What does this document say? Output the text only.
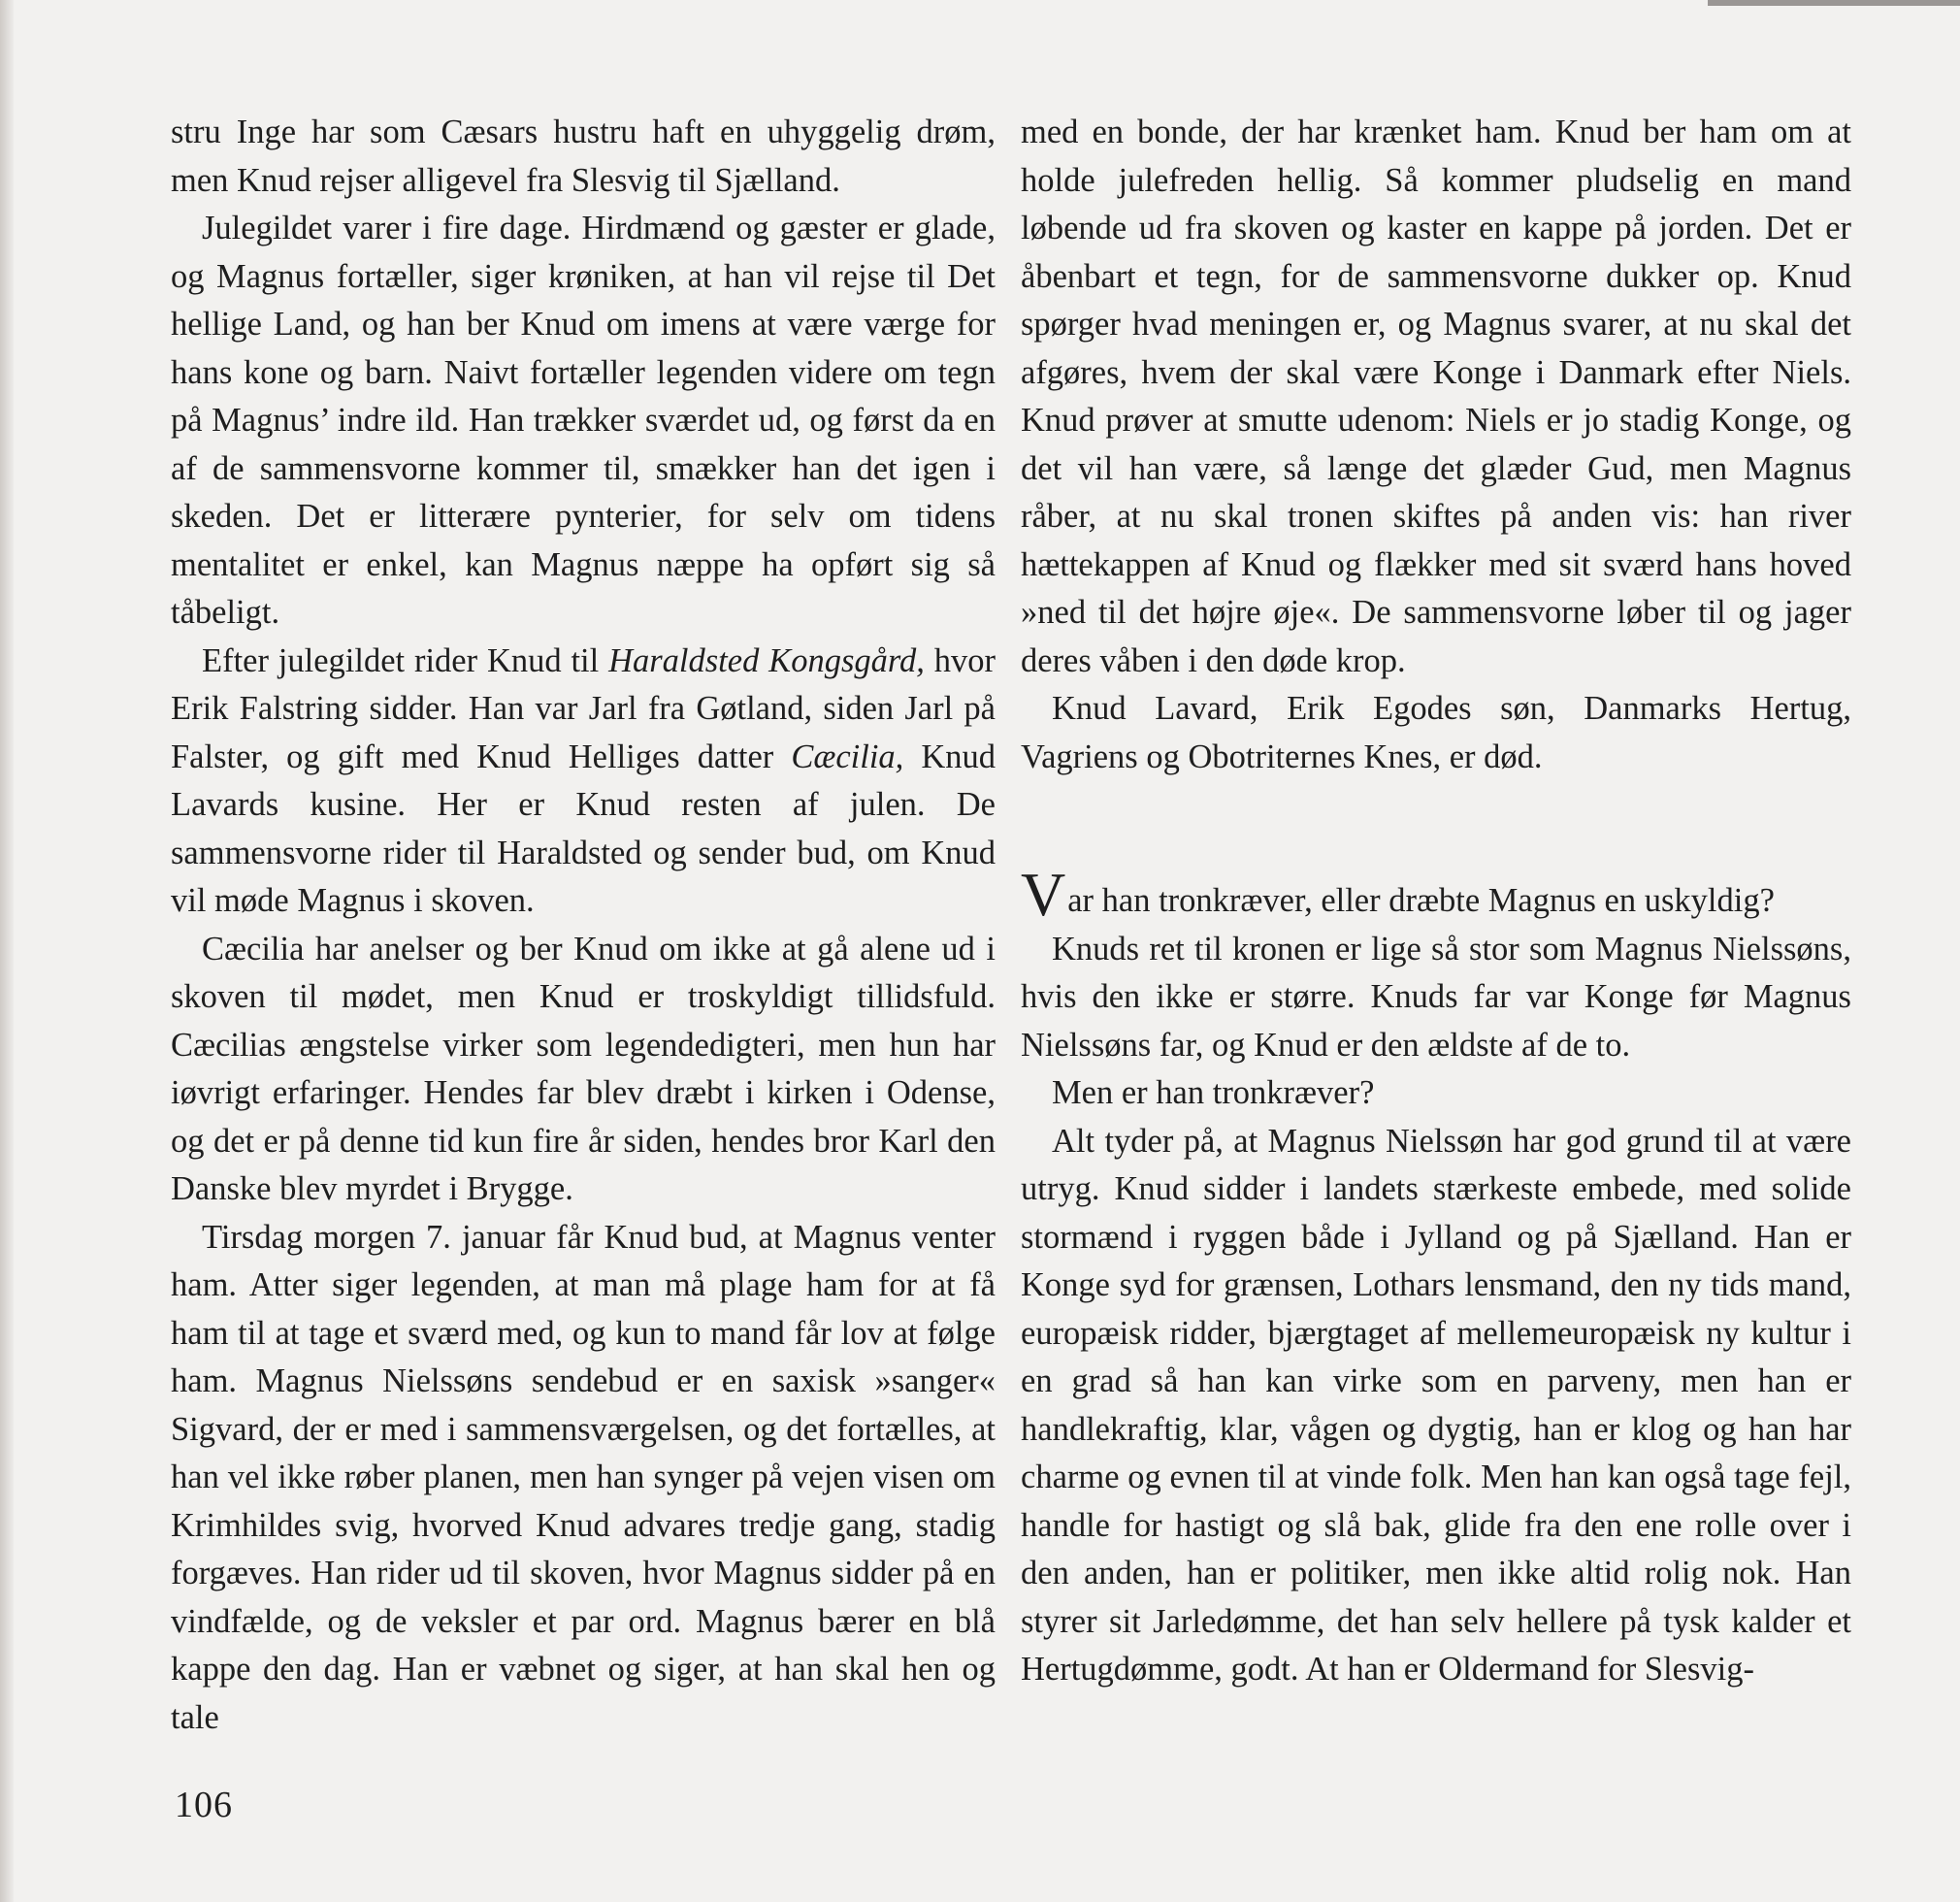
stru Inge har som Cæsars hustru haft en uhyggelig drøm, men Knud rejser alligevel fra Slesvig til Sjælland.

Julegildet varer i fire dage. Hirdmænd og gæster er glade, og Magnus fortæller, siger krøniken, at han vil rejse til Det hellige Land, og han ber Knud om imens at være værge for hans kone og barn. Naivt fortæller legenden videre om tegn på Magnus’ indre ild. Han trækker sværdet ud, og først da en af de sammensvorne kommer til, smækker han det igen i skeden. Det er litterære pynterier, for selv om tidens mentalitet er enkel, kan Magnus næppe ha opført sig så tåbeligt.

Efter julegildet rider Knud til Haraldsted Kongsgård, hvor Erik Falstring sidder. Han var Jarl fra Gøtland, siden Jarl på Falster, og gift med Knud Helliges datter Cæcilia, Knud Lavards kusine. Her er Knud resten af julen. De sammensvorne rider til Haraldsted og sender bud, om Knud vil møde Magnus i skoven.

Cæcilia har anelser og ber Knud om ikke at gå alene ud i skoven til mødet, men Knud er troskyldigt tillidsfuld. Cæcilias ængstelse virker som legendedigteri, men hun har iøvrigt erfaringer. Hendes far blev dræbt i kirken i Odense, og det er på denne tid kun fire år siden, hendes bror Karl den Danske blev myrdet i Brygge.

Tirsdag morgen 7. januar får Knud bud, at Magnus venter ham. Atter siger legenden, at man må plage ham for at få ham til at tage et sværd med, og kun to mand får lov at følge ham. Magnus Nielssøns sendebud er en saxisk »sanger« Sigvard, der er med i sammensværgelsen, og det fortælles, at han vel ikke røber planen, men han synger på vejen visen om Krimhildes svig, hvorved Knud advares tredje gang, stadig forgæves. Han rider ud til skoven, hvor Magnus sidder på en vindfælde, og de veksler et par ord. Magnus bærer en blå kappe den dag. Han er væbnet og siger, at han skal hen og tale

med en bonde, der har krænket ham. Knud ber ham om at holde julefreden hellig. Så kommer pludselig en mand løbende ud fra skoven og kaster en kappe på jorden. Det er åbenbart et tegn, for de sammensvorne dukker op. Knud spørger hvad meningen er, og Magnus svarer, at nu skal det afgøres, hvem der skal være Konge i Danmark efter Niels. Knud prøver at smutte udenom: Niels er jo stadig Konge, og det vil han være, så længe det glæder Gud, men Magnus råber, at nu skal tronen skiftes på anden vis: han river hættekappen af Knud og flækker med sit sværd hans hoved »ned til det højre øje«. De sammensvorne løber til og jager deres våben i den døde krop.

Knud Lavard, Erik Egodes søn, Danmarks Hertug, Vagriens og Obotriternes Knes, er død.

Var han tronkræver, eller dræbte Magnus en uskyldig?

Knuds ret til kronen er lige så stor som Magnus Nielssøns, hvis den ikke er større. Knuds far var Konge før Magnus Nielssøns far, og Knud er den ældste af de to.

Men er han tronkræver?

Alt tyder på, at Magnus Nielssøn har god grund til at være utryg. Knud sidder i landets stærkeste embede, med solide stormænd i ryggen både i Jylland og på Sjælland. Han er Konge syd for grænsen, Lothars lensmand, den ny tids mand, europæisk ridder, bjærgtaget af mellemeuropæisk ny kultur i en grad så han kan virke som en parveny, men han er handlekraftig, klar, vågen og dygtig, han er klog og han har charme og evnen til at vinde folk. Men han kan også tage fejl, handle for hastigt og slå bak, glide fra den ene rolle over i den anden, han er politiker, men ikke altid rolig nok. Han styrer sit Jarledømme, det han selv hellere på tysk kalder et Hertugdømme, godt. At han er Oldermand for Slesvig-

106
